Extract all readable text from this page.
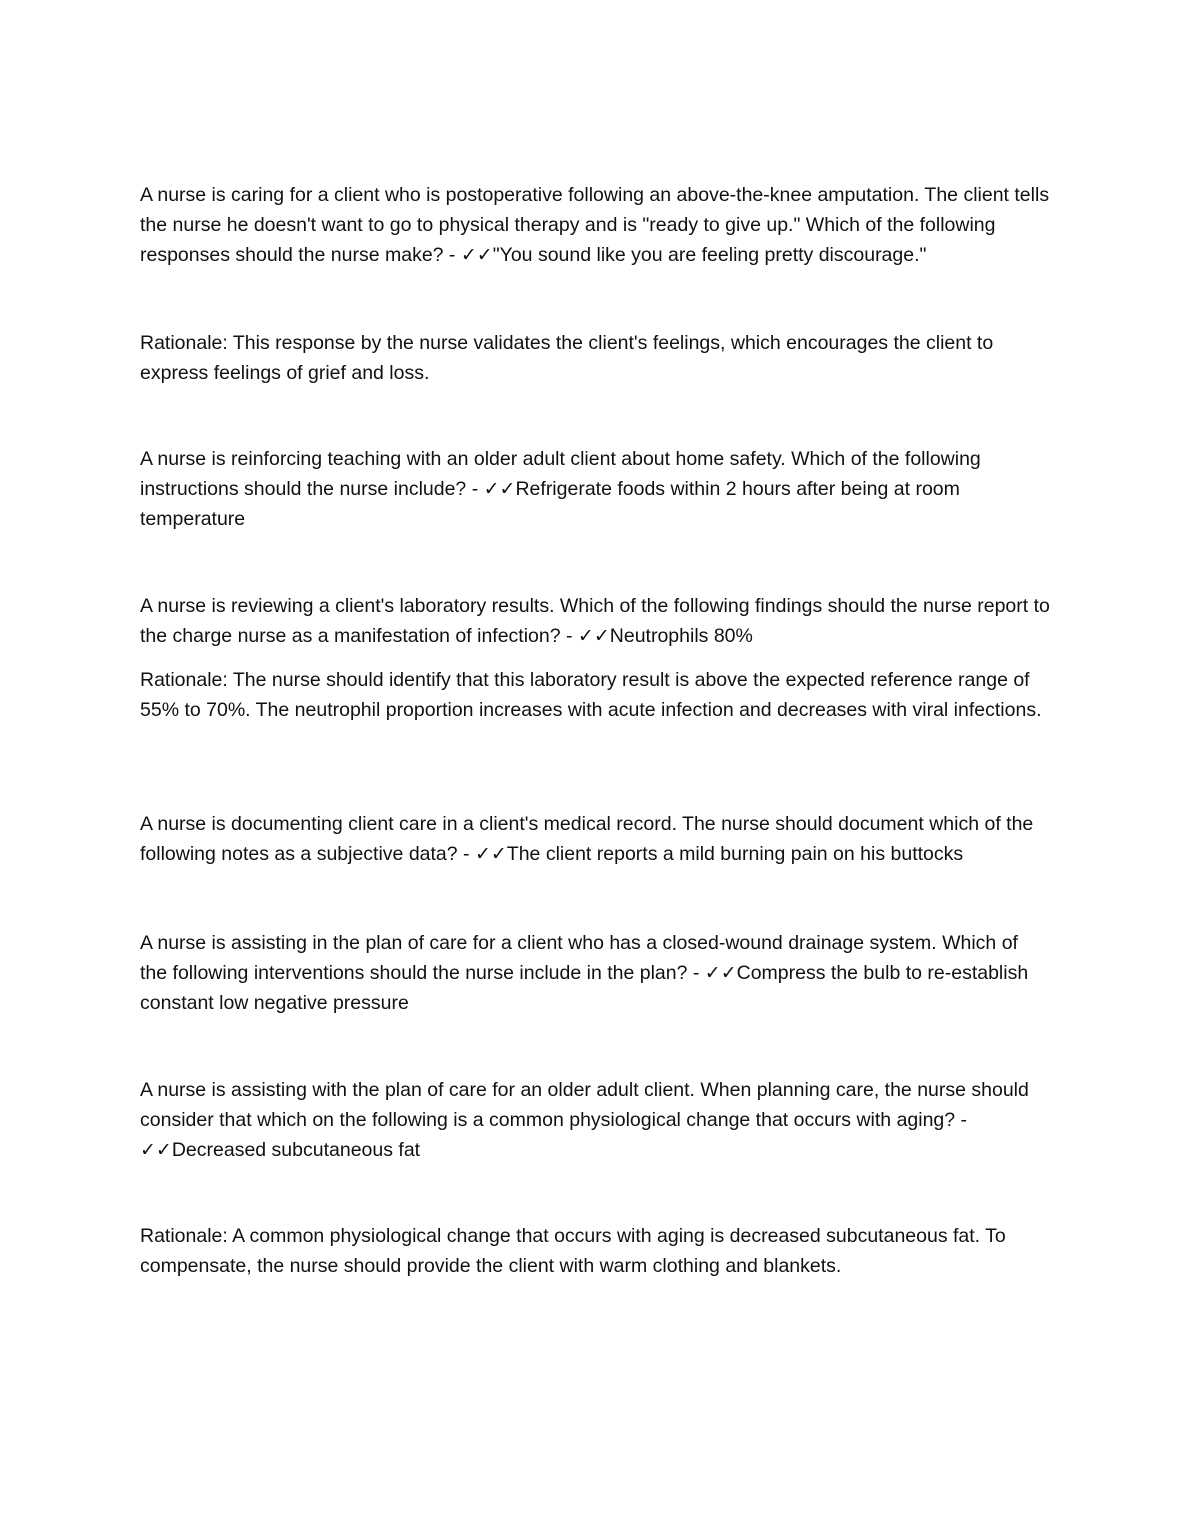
A nurse is caring for a client who is postoperative following an above-the-knee amputation. The client tells the nurse he doesn't want to go to physical therapy and is "ready to give up." Which of the following responses should the nurse make? - ✓✓"You sound like you are feeling pretty discourage."

Rationale: This response by the nurse validates the client's feelings, which encourages the client to express feelings of grief and loss.

A nurse is reinforcing teaching with an older adult client about home safety. Which of the following instructions should the nurse include? - ✓✓Refrigerate foods within 2 hours after being at room temperature

A nurse is reviewing a client's laboratory results. Which of the following findings should the nurse report to the charge nurse as a manifestation of infection? - ✓✓Neutrophils 80%

Rationale: The nurse should identify that this laboratory result is above the expected reference range of 55% to 70%. The neutrophil proportion increases with acute infection and decreases with viral infections.

A nurse is documenting client care in a client's medical record. The nurse should document which of the following notes as a subjective data? - ✓✓The client reports a mild burning pain on his buttocks

A nurse is assisting in the plan of care for a client who has a closed-wound drainage system. Which of the following interventions should the nurse include in the plan? - ✓✓Compress the bulb to re-establish constant low negative pressure

A nurse is assisting with the plan of care for an older adult client. When planning care, the nurse should consider that which on the following is a common physiological change that occurs with aging? - ✓✓Decreased subcutaneous fat

Rationale: A common physiological change that occurs with aging is decreased subcutaneous fat. To compensate, the nurse should provide the client with warm clothing and blankets.
